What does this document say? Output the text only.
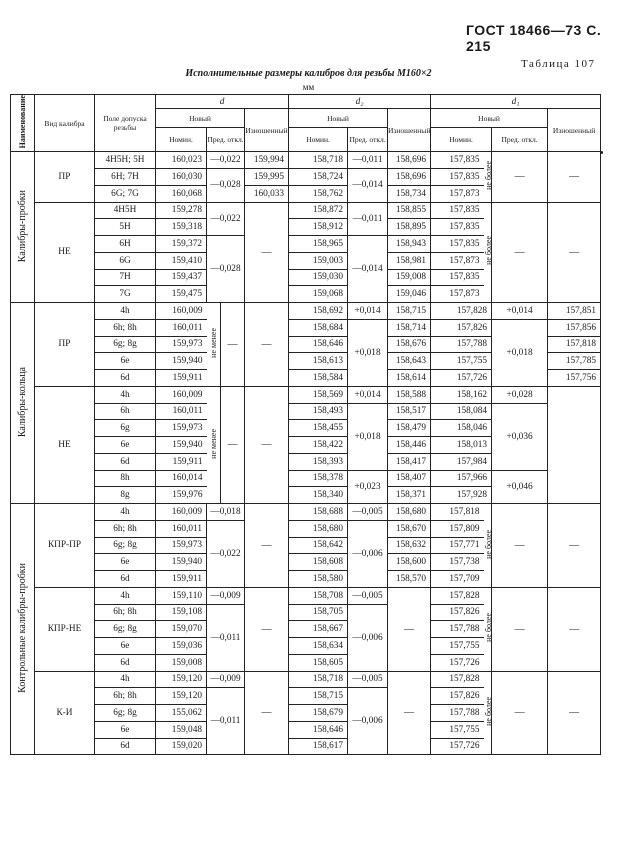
ГОСТ 18466—73 С. 215
Таблица 107
Исполнительные размеры калибров для резьбы М160×2
мм
Наименование	Вид калибра	Поле допуска резьбы	d				d₂			d₁			
			Новый			Изношенный	Новый		Изношенный	Новый			Изношенный
			Номин.	Пред. откл.			Номин.	Пред. откл.		Номин.		Пред. откл.	
Калибры-пробки	ПР	4H5H; 5H	160,023	—0,022		159,994	158,718	—0,011	158,696	157,835	не более	—	—
		6H; 7H	160,030	—0,028		159,995	158,724	—0,014	158,696	157,835			
		6G; 7G	160,068			160,033	158,762		158,734	157,873			
	НЕ	4H5H	159,278	—0,022		—	158,872	—0,011	158,855	157,835	не более	—	—
		5H	159,318				158,912		158,895	157,835			
		6H	159,372	—0,028			158,965	—0,014	158,943	157,835			
		6G	159,410				159,003		158,981	157,873			
		7H	159,437				159,030		159,008	157,835			
		7G	159,475				159,068		159,046	157,873			
Калибры-кольца	ПР	4h	160,009	не менее	—	—	158,692	+0,014	158,715	157,828		+0,014	157,851
		6h; 8h	160,011				158,684	+0,018	158,714	157,826		+0,018	157,856
		6g; 8g	159,973				158,646		158,676	157,788			157,818
		6e	159,940				158,613		158,643	157,755			157,785
		6d	159,911				158,584		158,614	157,726			157,756
	НЕ	4h	160,009	не менее	—	—	158,569	+0,014	158,588	158,162		+0,028	
		6h	160,011				158,493	+0,018	158,517	158,084		+0,036	
		6g	159,973				158,455		158,479	158,046			
		6e	159,940				158,422		158,446	158,013			
		6d	159,911				158,393		158,417	157,984			
		8h	160,014				158,378	+0,023	158,407	157,966		+0,046	
		8g	159,976				158,340		158,371	157,928			
Контрольные калибры-пробки	КПР-ПР	4h	160,009	—0,018		—	158,688	—0,005	158,680	157,818	не более	—	—
		6h; 8h	160,011	—0,022			158,680	—0,006	158,670	157,809			
		6g; 8g	159,973				158,642		158,632	157,771			
		6e	159,940				158,608		158,600	157,738			
		6d	159,911				158,580		158,570	157,709			
	КПР-НЕ	4h	159,110	—0,009		—	158,708	—0,005	—	157,828	не более	—	—
		6h; 8h	159,108	—0,011			158,705	—0,006		157,826			
		6g; 8g	159,070				158,667			157,788			
		6e	159,036				158,634			157,755			
		6d	159,008				158,605			157,726			
	К-И	4h	159,120	—0,009		—	158,718	—0,005	—	157,828	не более	—	—
		6h; 8h	159,120	—0,011			158,715	—0,006		157,826			
		6g; 8g	155,062				158,679			157,788			
		6e	159,048				158,646			157,755			
		6d	159,020				158,617			157,726			
